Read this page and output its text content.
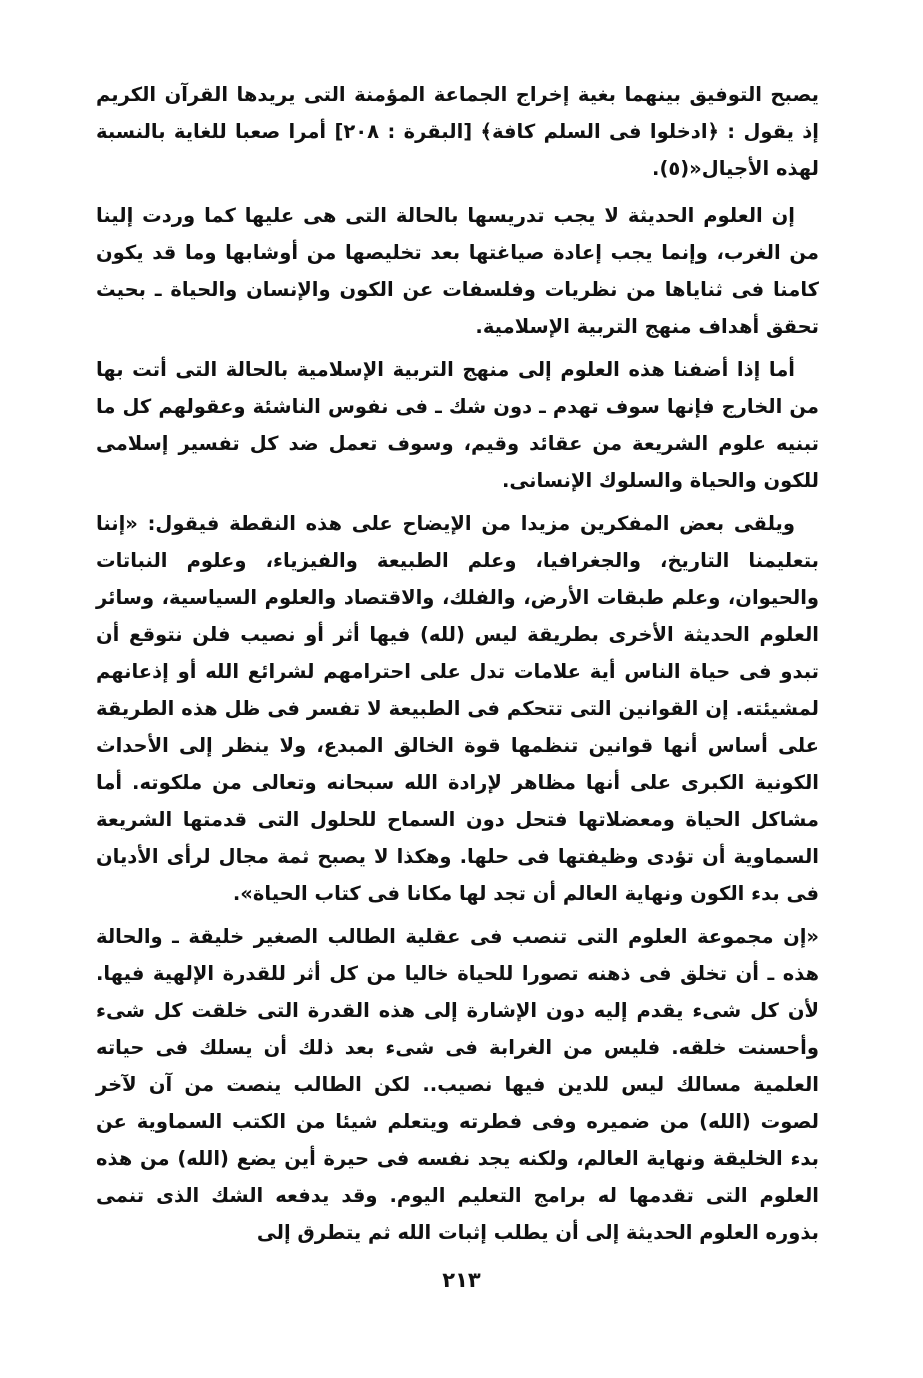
يصبح التوفيق بينهما بغية إخراج الجماعة المؤمنة التى يريدها القرآن الكريم إذ يقول : ﴿ادخلوا فى السلم كافة﴾ [البقرة : ٢٠٨] أمرا صعبا للغاية بالنسبة لهذه الأجيال«(٥).

إن العلوم الحديثة لا يجب تدريسها بالحالة التى هى عليها كما وردت إلينا من الغرب، وإنما يجب إعادة صياغتها بعد تخليصها من أوشابها وما قد يكون كامنا فى ثناياها من نظريات وفلسفات عن الكون والإنسان والحياة ـ بحيث تحقق أهداف منهج التربية الإسلامية.

أما إذا أضفنا هذه العلوم إلى منهج التربية الإسلامية بالحالة التى أتت بها من الخارج فإنها سوف تهدم ـ دون شك ـ فى نفوس الناشئة وعقولهم كل ما تبنيه علوم الشريعة من عقائد وقيم، وسوف تعمل ضد كل تفسير إسلامى للكون والحياة والسلوك الإنسانى.

ويلقى بعض المفكرين مزيدا من الإيضاح على هذه النقطة فيقول: «إننا بتعليمنا التاريخ، والجغرافيا، وعلم الطبيعة والفيزياء، وعلوم النباتات والحيوان، وعلم طبقات الأرض، والفلك، والاقتصاد والعلوم السياسية، وسائر العلوم الحديثة الأخرى بطريقة ليس (لله) فيها أثر أو نصيب فلن نتوقع أن تبدو فى حياة الناس أية علامات تدل على احترامهم لشرائع الله أو إذعانهم لمشيئته. إن القوانين التى تتحكم فى الطبيعة لا تفسر فى ظل هذه الطريقة على أساس أنها قوانين تنظمها قوة الخالق المبدع، ولا ينظر إلى الأحداث الكونية الكبرى على أنها مظاهر لإرادة الله سبحانه وتعالى من ملكوته. أما مشاكل الحياة ومعضلاتها فتحل دون السماح للحلول التى قدمتها الشريعة السماوية أن تؤدى وظيفتها فى حلها. وهكذا لا يصبح ثمة مجال لرأى الأديان فى بدء الكون ونهاية العالم أن تجد لها مكانا فى كتاب الحياة».

«إن مجموعة العلوم التى تنصب فى عقلية الطالب الصغير خليقة ـ والحالة هذه ـ أن تخلق فى ذهنه تصورا للحياة خاليا من كل أثر للقدرة الإلهية فيها. لأن كل شىء يقدم إليه دون الإشارة إلى هذه القدرة التى خلقت كل شىء وأحسنت خلقه. فليس من الغرابة فى شىء بعد ذلك أن يسلك فى حياته العلمية مسالك ليس للدين فيها نصيب.. لكن الطالب ينصت من آن لآخر لصوت (الله) من ضميره وفى فطرته ويتعلم شيئا من الكتب السماوية عن بدء الخليقة ونهاية العالم، ولكنه يجد نفسه فى حيرة أين يضع (الله) من هذه العلوم التى تقدمها له برامج التعليم اليوم. وقد يدفعه الشك الذى تنمى بذوره العلوم الحديثة إلى أن يطلب إثبات الله ثم يتطرق إلى

٢١٣
